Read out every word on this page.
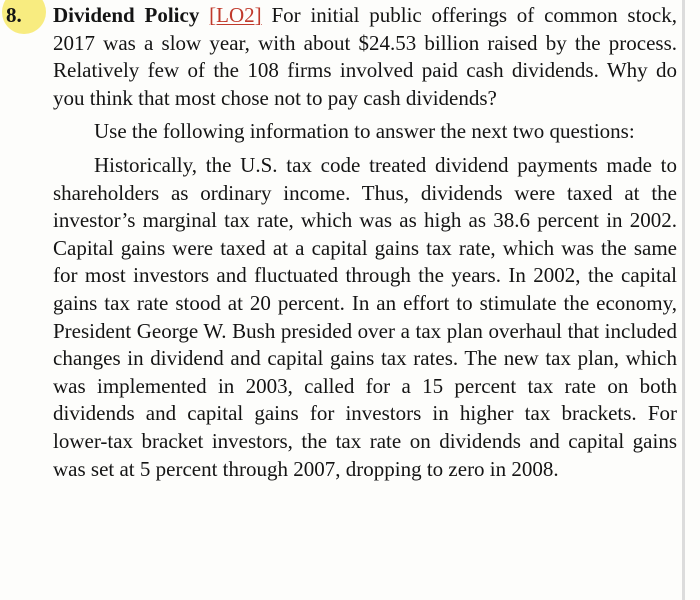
8. Dividend Policy [LO2] For initial public offerings of common stock, 2017 was a slow year, with about $24.53 billion raised by the process. Relatively few of the 108 firms involved paid cash dividends. Why do you think that most chose not to pay cash dividends?

Use the following information to answer the next two questions:

Historically, the U.S. tax code treated dividend payments made to shareholders as ordinary income. Thus, dividends were taxed at the investor’s marginal tax rate, which was as high as 38.6 percent in 2002. Capital gains were taxed at a capital gains tax rate, which was the same for most investors and fluctuated through the years. In 2002, the capital gains tax rate stood at 20 percent. In an effort to stimulate the economy, President George W. Bush presided over a tax plan overhaul that included changes in dividend and capital gains tax rates. The new tax plan, which was implemented in 2003, called for a 15 percent tax rate on both dividends and capital gains for investors in higher tax brackets. For lower-tax bracket investors, the tax rate on dividends and capital gains was set at 5 percent through 2007, dropping to zero in 2008.
